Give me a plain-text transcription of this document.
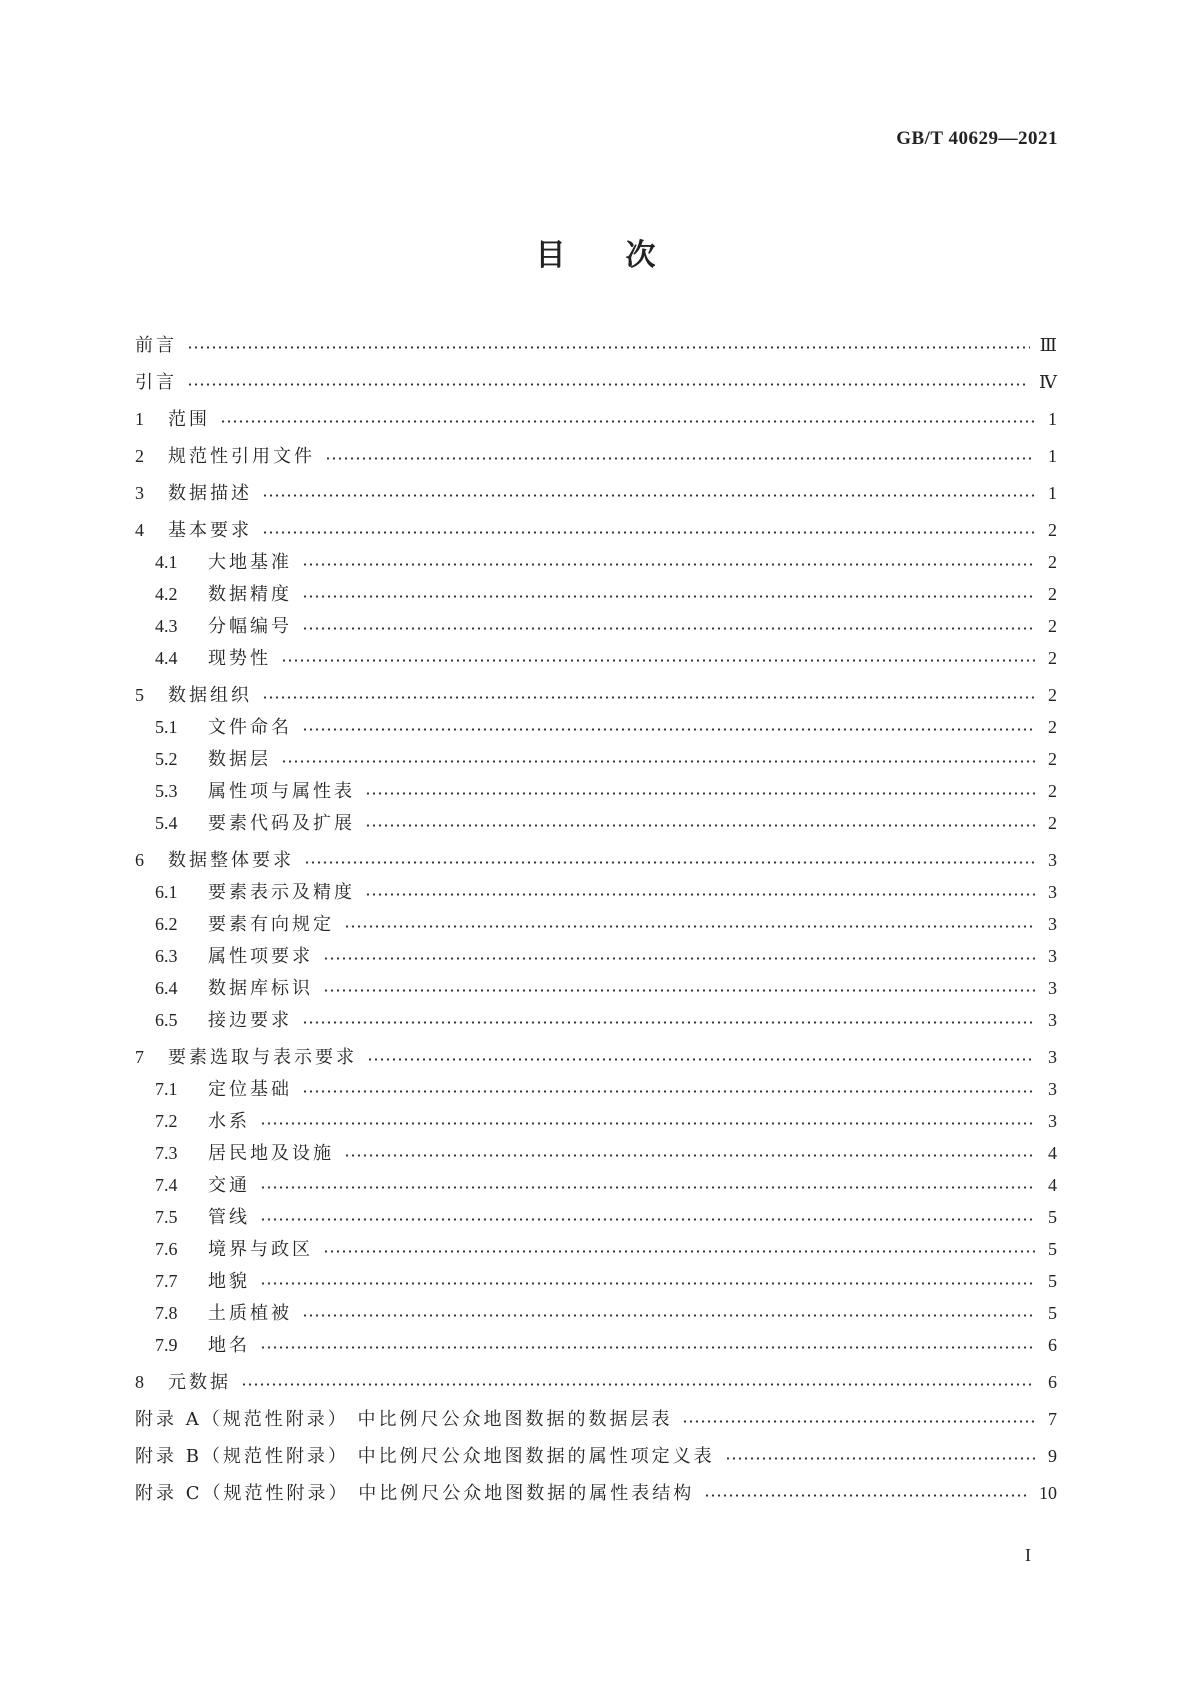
GB/T 40629—2021
目次
前言	Ⅲ
引言	Ⅳ
1	范围	1
2	规范性引用文件	1
3	数据描述	1
4	基本要求	2
4.1	大地基准	2
4.2	数据精度	2
4.3	分幅编号	2
4.4	现势性	2
5	数据组织	2
5.1	文件命名	2
5.2	数据层	2
5.3	属性项与属性表	2
5.4	要素代码及扩展	2
6	数据整体要求	3
6.1	要素表示及精度	3
6.2	要素有向规定	3
6.3	属性项要求	3
6.4	数据库标识	3
6.5	接边要求	3
7	要素选取与表示要求	3
7.1	定位基础	3
7.2	水系	3
7.3	居民地及设施	4
7.4	交通	4
7.5	管线	5
7.6	境界与政区	5
7.7	地貌	5
7.8	土质植被	5
7.9	地名	6
8	元数据	6
附录 A（规范性附录） 中比例尺公众地图数据的数据层表	7
附录 B（规范性附录） 中比例尺公众地图数据的属性项定义表	9
附录 C（规范性附录） 中比例尺公众地图数据的属性表结构	10
I
